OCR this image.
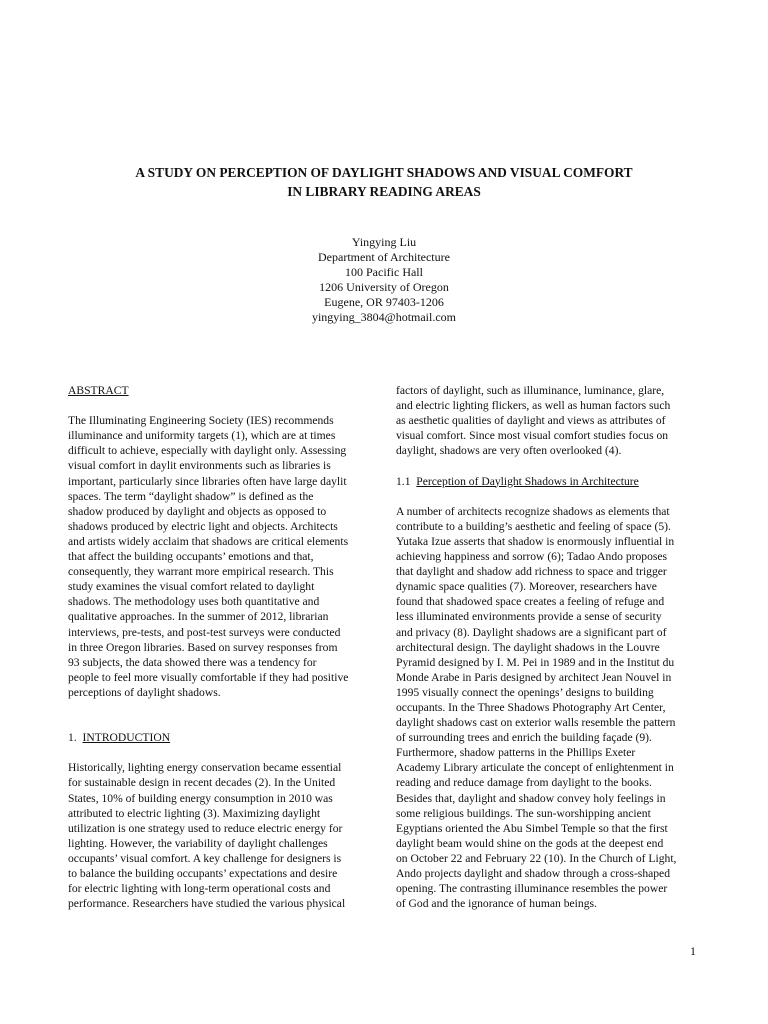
A STUDY ON PERCEPTION OF DAYLIGHT SHADOWS AND VISUAL COMFORT
IN LIBRARY READING AREAS
Yingying Liu
Department of Architecture
100 Pacific Hall
1206 University of Oregon
Eugene, OR 97403-1206
yingying_3804@hotmail.com
ABSTRACT
The Illuminating Engineering Society (IES) recommends
illuminance and uniformity targets (1), which are at times
difficult to achieve, especially with daylight only. Assessing
visual comfort in daylit environments such as libraries is
important, particularly since libraries often have large daylit
spaces. The term “daylight shadow” is defined as the
shadow produced by daylight and objects as opposed to
shadows produced by electric light and objects. Architects
and artists widely acclaim that shadows are critical elements
that affect the building occupants’ emotions and that,
consequently, they warrant more empirical research. This
study examines the visual comfort related to daylight
shadows. The methodology uses both quantitative and
qualitative approaches. In the summer of 2012, librarian
interviews, pre-tests, and post-test surveys were conducted
in three Oregon libraries. Based on survey responses from
93 subjects, the data showed there was a tendency for
people to feel more visually comfortable if they had positive
perceptions of daylight shadows.
1. INTRODUCTION
Historically, lighting energy conservation became essential
for sustainable design in recent decades (2). In the United
States, 10% of building energy consumption in 2010 was
attributed to electric lighting (3). Maximizing daylight
utilization is one strategy used to reduce electric energy for
lighting. However, the variability of daylight challenges
occupants’ visual comfort. A key challenge for designers is
to balance the building occupants’ expectations and desire
for electric lighting with long-term operational costs and
performance. Researchers have studied the various physical
factors of daylight, such as illuminance, luminance, glare,
and electric lighting flickers, as well as human factors such
as aesthetic qualities of daylight and views as attributes of
visual comfort. Since most visual comfort studies focus on
daylight, shadows are very often overlooked (4).
1.1 Perception of Daylight Shadows in Architecture
A number of architects recognize shadows as elements that
contribute to a building’s aesthetic and feeling of space (5).
Yutaka Izue asserts that shadow is enormously influential in
achieving happiness and sorrow (6); Tadao Ando proposes
that daylight and shadow add richness to space and trigger
dynamic space qualities (7). Moreover, researchers have
found that shadowed space creates a feeling of refuge and
less illuminated environments provide a sense of security
and privacy (8). Daylight shadows are a significant part of
architectural design. The daylight shadows in the Louvre
Pyramid designed by I. M. Pei in 1989 and in the Institut du
Monde Arabe in Paris designed by architect Jean Nouvel in
1995 visually connect the openings’ designs to building
occupants. In the Three Shadows Photography Art Center,
daylight shadows cast on exterior walls resemble the pattern
of surrounding trees and enrich the building façade (9).
Furthermore, shadow patterns in the Phillips Exeter
Academy Library articulate the concept of enlightenment in
reading and reduce damage from daylight to the books.
Besides that, daylight and shadow convey holy feelings in
some religious buildings. The sun-worshipping ancient
Egyptians oriented the Abu Simbel Temple so that the first
daylight beam would shine on the gods at the deepest end
on October 22 and February 22 (10). In the Church of Light,
Ando projects daylight and shadow through a cross-shaped
opening. The contrasting illuminance resembles the power
of God and the ignorance of human beings.
1
